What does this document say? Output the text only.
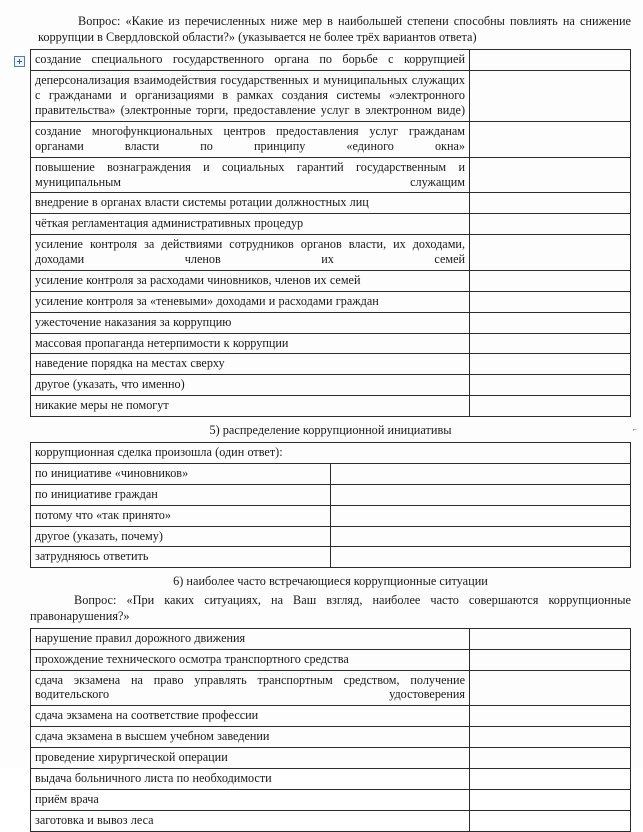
Вопрос: «Какие из перечисленных ниже мер в наибольшей степени способны повлиять на снижение коррупции в Свердловской области?» (указывается не более трёх вариантов ответа)

создание специального государственного органа по борьбе с коррупцией	
деперсонализация взаимодействия государственных и муниципальных служащих с гражданами и организациями в рамках создания системы «электронного правительства» (электронные торги, предоставление услуг в электронном виде)	
создание многофункциональных центров предоставления услуг гражданам органами власти по принципу «единого окна»	
повышение вознаграждения и социальных гарантий государственным и муниципальным служащим	
внедрение в органах власти системы ротации должностных лиц	
чёткая регламентация административных процедур	
усиление контроля за действиями сотрудников органов власти, их доходами, доходами членов их семей	
усиление контроля за расходами чиновников, членов их семей	
усиление контроля за «теневыми» доходами и расходами граждан	
ужесточение наказания за коррупцию	
массовая пропаганда нетерпимости к коррупции	
наведение порядка на местах сверху	
другое (указать, что именно)	
никакие меры не помогут	
⌐
5) распределение коррупционной инициативы
коррупционная сделка произошла (один ответ):	
по инициативе «чиновников»	
по инициативе граждан	
потому что «так принято»	
другое (указать, почему)	
затрудняюсь ответить	
6) наиболее часто встречающиеся коррупционные ситуации

Вопрос: «При каких ситуациях, на Ваш взгляд, наиболее часто совершаются коррупционные правонарушения?»

нарушение правил дорожного движения	
прохождение технического осмотра транспортного средства	
сдача экзамена на право управлять транспортным средством, получение водительского удостоверения	
сдача экзамена на соответствие профессии	
сдача экзамена в высшем учебном заведении	
проведение хирургической операции	
выдача больничного листа по необходимости	
приём врача	
заготовка и вывоз леса	
